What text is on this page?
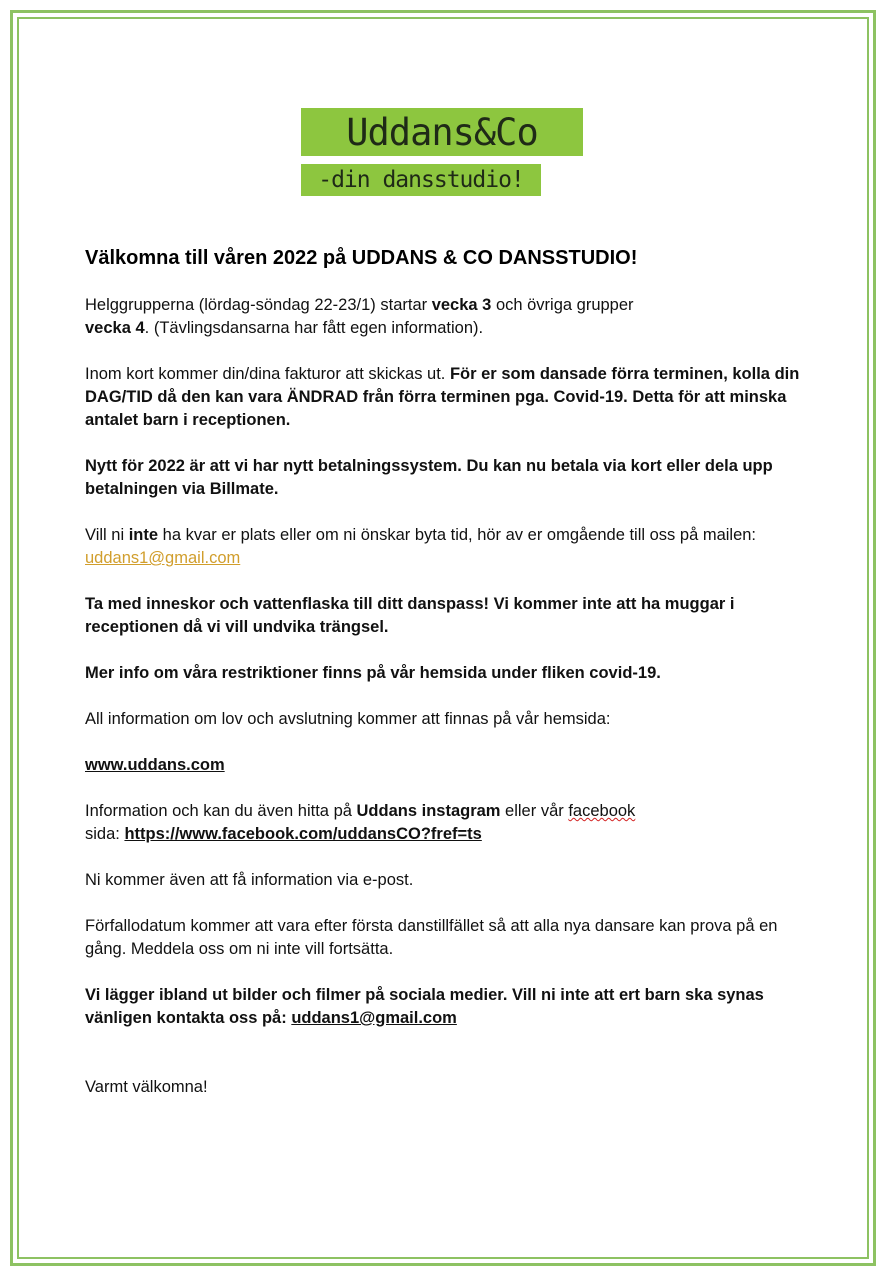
Uddans&Co
-din dansstudio!
Välkomna till våren 2022 på UDDANS & CO DANSSTUDIO!

Helggrupperna (lördag-söndag 22-23/1) startar vecka 3 och övriga grupper
vecka 4. (Tävlingsdansarna har fått egen information).

Inom kort kommer din/dina fakturor att skickas ut. För er som dansade förra terminen, kolla din DAG/TID då den kan vara ÄNDRAD från förra terminen pga. Covid-19. Detta för att minska antalet barn i receptionen.

Nytt för 2022 är att vi har nytt betalningssystem. Du kan nu betala via kort eller dela upp betalningen via Billmate.

Vill ni inte ha kvar er plats eller om ni önskar byta tid, hör av er omgående till oss på mailen: uddans1@gmail.com

Ta med inneskor och vattenflaska till ditt danspass! Vi kommer inte att ha muggar i receptionen då vi vill undvika trängsel.

Mer info om våra restriktioner finns på vår hemsida under fliken covid-19.

All information om lov och avslutning kommer att finnas på vår hemsida:

www.uddans.com

Information och kan du även hitta på Uddans instagram eller vår facebook
sida: https://www.facebook.com/uddansCO?fref=ts

Ni kommer även att få information via e-post.

Förfallodatum kommer att vara efter första danstillfället så att alla nya dansare kan prova på en gång. Meddela oss om ni inte vill fortsätta.

Vi lägger ibland ut bilder och filmer på sociala medier. Vill ni inte att ert barn ska synas vänligen kontakta oss på: uddans1@gmail.com

Varmt välkomna!
